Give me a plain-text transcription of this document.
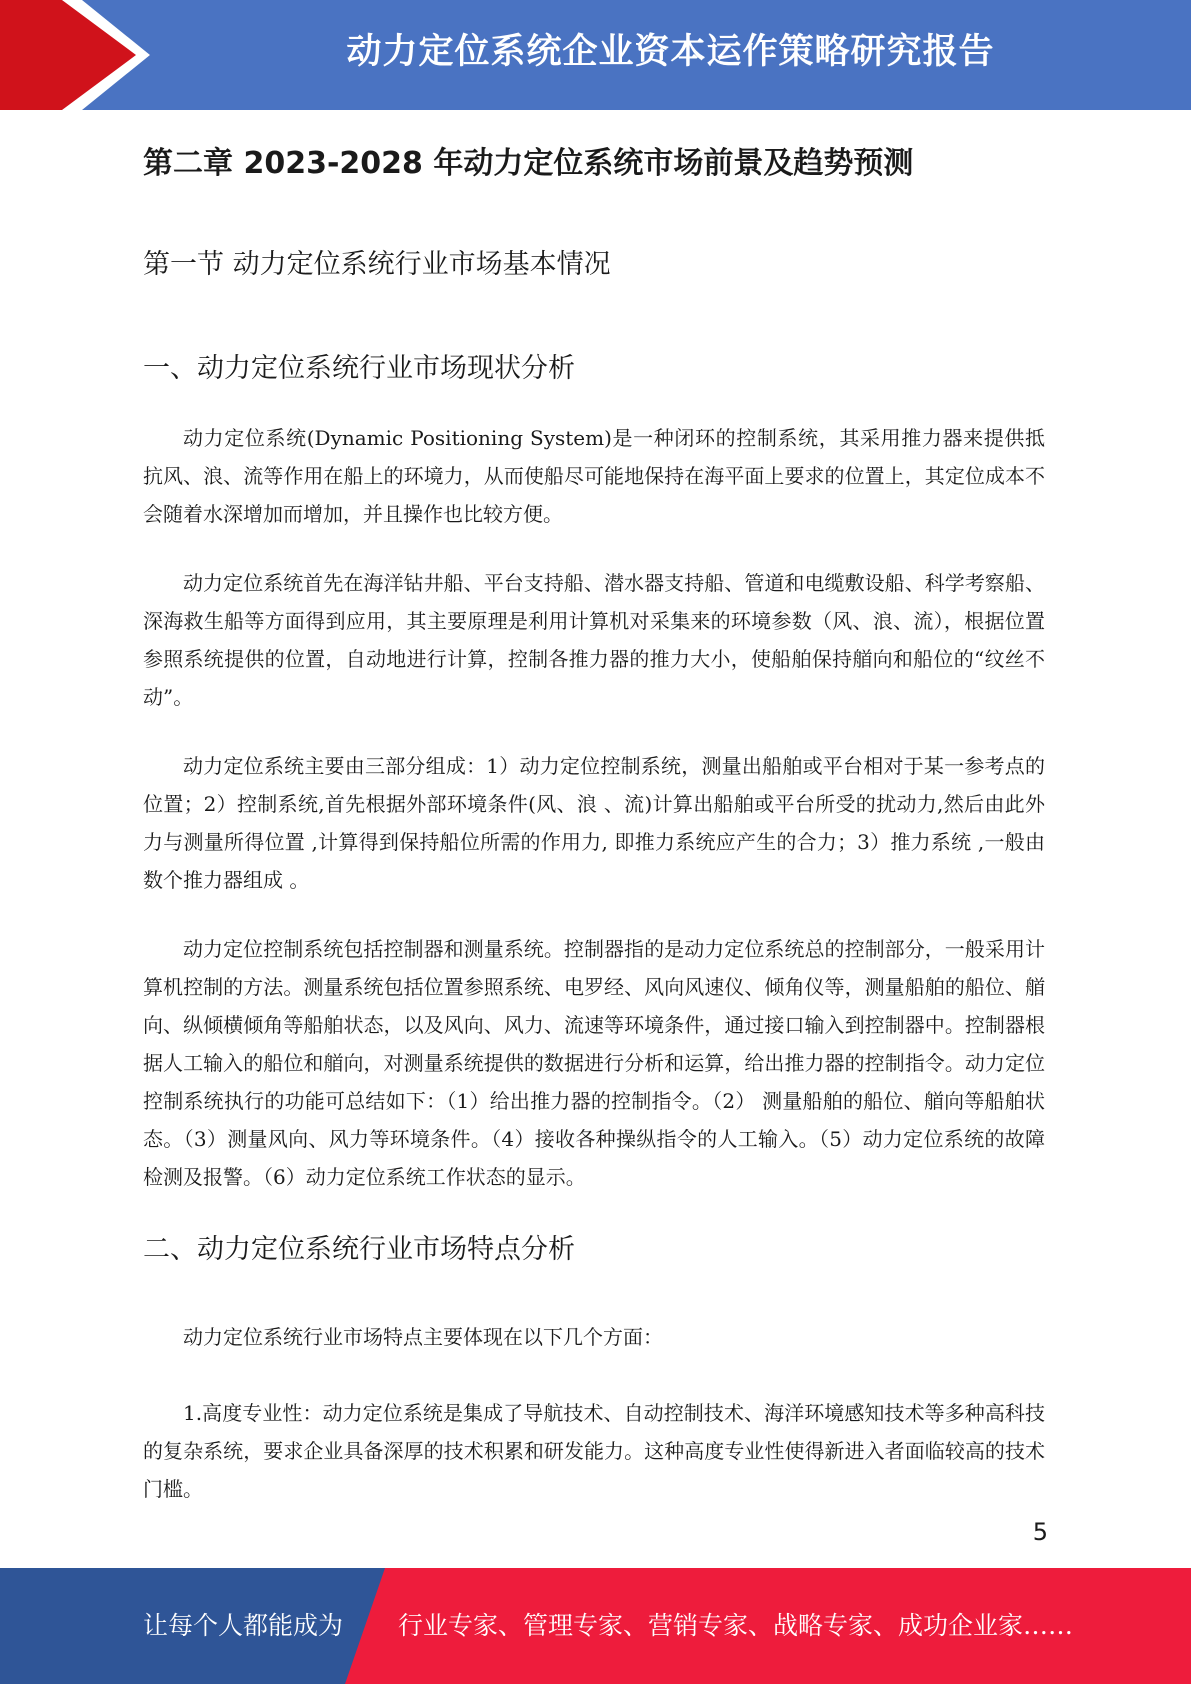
动力定位系统企业资本运作策略研究报告
第二章 2023-2028 年动力定位系统市场前景及趋势预测
第一节 动力定位系统行业市场基本情况
一、动力定位系统行业市场现状分析

动力定位系统(Dynamic Positioning System)是一种闭环的控制系统，其采用推力器来提供抵抗风、浪、流等作用在船上的环境力，从而使船尽可能地保持在海平面上要求的位置上，其定位成本不会随着水深增加而增加，并且操作也比较方便。

动力定位系统首先在海洋钻井船、平台支持船、潜水器支持船、管道和电缆敷设船、科学考察船、深海救生船等方面得到应用，其主要原理是利用计算机对采集来的环境参数（风、浪、流），根据位置参照系统提供的位置，自动地进行计算，控制各推力器的推力大小，使船舶保持艏向和船位的“纹丝不动”。

动力定位系统主要由三部分组成：1）动力定位控制系统，测量出船舶或平台相对于某一参考点的位置；2）控制系统,首先根据外部环境条件(风、浪 、流)计算出船舶或平台所受的扰动力,然后由此外力与测量所得位置 ,计算得到保持船位所需的作用力, 即推力系统应产生的合力；3）推力系统 ,一般由数个推力器组成 。

动力定位控制系统包括控制器和测量系统。控制器指的是动力定位系统总的控制部分，一般采用计算机控制的方法。测量系统包括位置参照系统、电罗经、风向风速仪、倾角仪等，测量船舶的船位、艏向、纵倾横倾角等船舶状态，以及风向、风力、流速等环境条件，通过接口输入到控制器中。控制器根据人工输入的船位和艏向，对测量系统提供的数据进行分析和运算，给出推力器的控制指令。动力定位控制系统执行的功能可总结如下：（1）给出推力器的控制指令。（2） 测量船舶的船位、艏向等船舶状态。（3）测量风向、风力等环境条件。（4）接收各种操纵指令的人工输入。（5）动力定位系统的故障检测及报警。（6）动力定位系统工作状态的显示。

二、动力定位系统行业市场特点分析

动力定位系统行业市场特点主要体现在以下几个方面：

1.高度专业性：动力定位系统是集成了导航技术、自动控制技术、海洋环境感知技术等多种高科技的复杂系统，要求企业具备深厚的技术积累和研发能力。这种高度专业性使得新进入者面临较高的技术门槛。

5
让每个人都能成为 行业专家、管理专家、营销专家、战略专家、成功企业家……
